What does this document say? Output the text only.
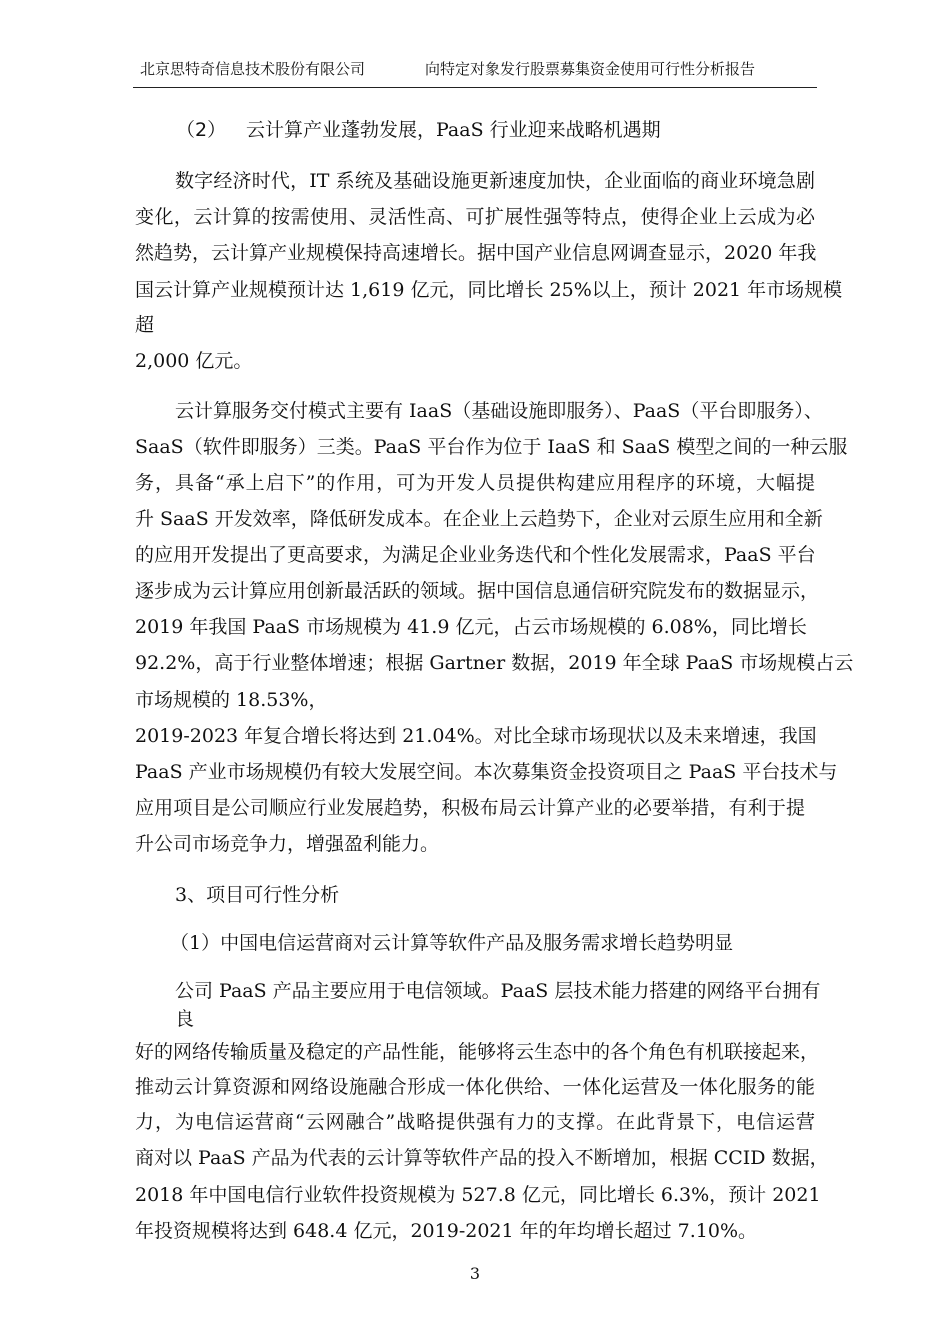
北京思特奇信息技术股份有限公司	向特定对象发行股票募集资金使用可行性分析报告
（2） 云计算产业蓬勃发展，PaaS 行业迎来战略机遇期
数字经济时代，IT 系统及基础设施更新速度加快，企业面临的商业环境急剧
变化，云计算的按需使用、灵活性高、可扩展性强等特点，使得企业上云成为必
然趋势，云计算产业规模保持高速增长。据中国产业信息网调查显示，2020 年我
国云计算产业规模预计达 1,619 亿元，同比增长 25%以上，预计 2021 年市场规模
超
2,000 亿元。
云计算服务交付模式主要有 IaaS（基础设施即服务）、PaaS（平台即服务）、
SaaS（软件即服务）三类。PaaS 平台作为位于 IaaS 和 SaaS 模型之间的一种云服
务，具备“承上启下”的作用，可为开发人员提供构建应用程序的环境，大幅提
升 SaaS 开发效率，降低研发成本。在企业上云趋势下，企业对云原生应用和全新
的应用开发提出了更高要求，为满足企业业务迭代和个性化发展需求，PaaS 平台
逐步成为云计算应用创新最活跃的领域。据中国信息通信研究院发布的数据显示，
2019 年我国 PaaS 市场规模为 41.9 亿元，占云市场规模的 6.08%，同比增长
92.2%，高于行业整体增速；根据 Gartner 数据，2019 年全球 PaaS 市场规模占云
市场规模的 18.53%，
2019-2023 年复合增长将达到 21.04%。对比全球市场现状以及未来增速，我国
PaaS 产业市场规模仍有较大发展空间。本次募集资金投资项目之 PaaS 平台技术与
应用项目是公司顺应行业发展趋势，积极布局云计算产业的必要举措，有利于提
升公司市场竞争力，增强盈利能力。
3、项目可行性分析
（1）中国电信运营商对云计算等软件产品及服务需求增长趋势明显
公司 PaaS 产品主要应用于电信领域。PaaS 层技术能力搭建的网络平台拥有
良
好的网络传输质量及稳定的产品性能，能够将云生态中的各个角色有机联接起来，
推动云计算资源和网络设施融合形成一体化供给、一体化运营及一体化服务的能
力，为电信运营商“云网融合”战略提供强有力的支撑。在此背景下，电信运营
商对以 PaaS 产品为代表的云计算等软件产品的投入不断增加，根据 CCID 数据，
2018 年中国电信行业软件投资规模为 527.8 亿元，同比增长 6.3%，预计 2021
年投资规模将达到 648.4 亿元，2019-2021 年的年均增长超过 7.10%。
3
